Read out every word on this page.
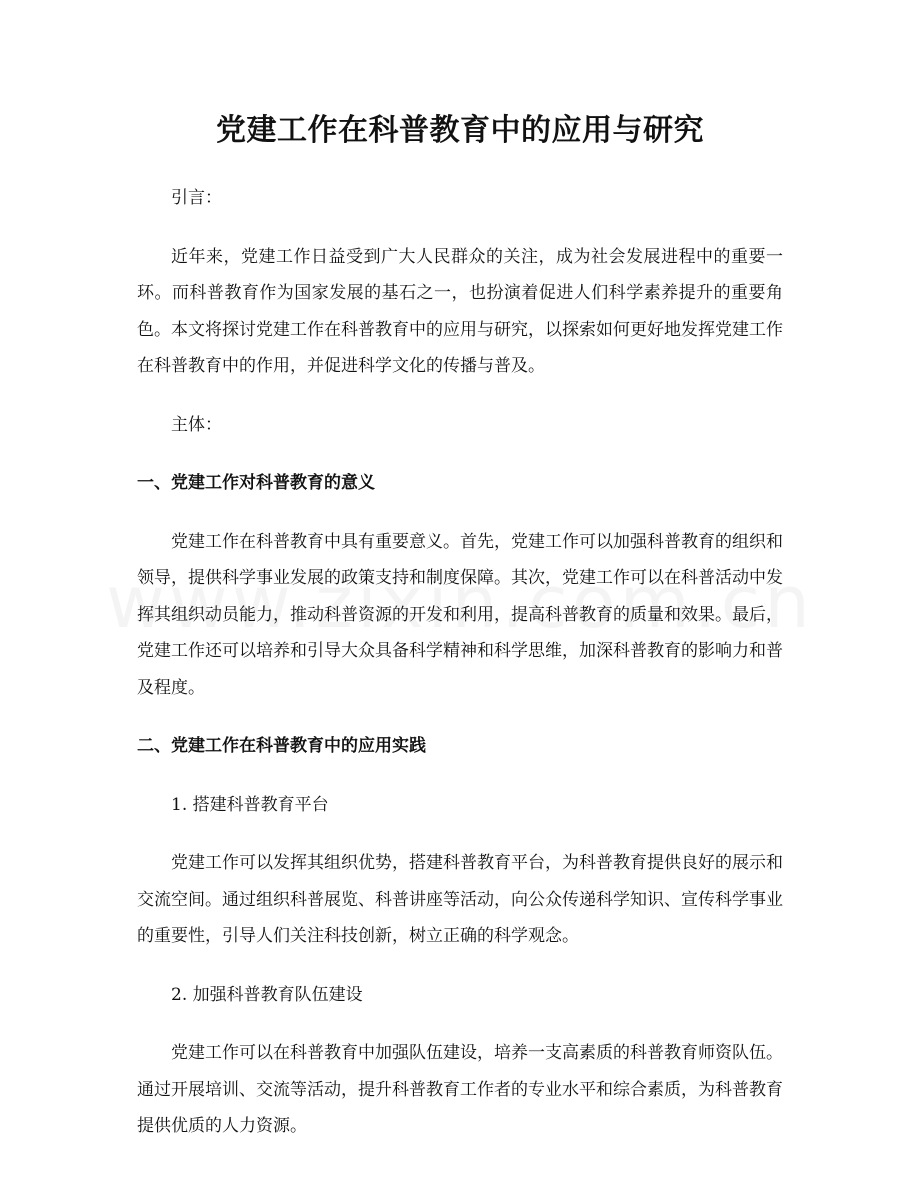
党建工作在科普教育中的应用与研究

引言：

近年来，党建工作日益受到广大人民群众的关注，成为社会发展进程中的重要一环。而科普教育作为国家发展的基石之一，也扮演着促进人们科学素养提升的重要角色。本文将探讨党建工作在科普教育中的应用与研究，以探索如何更好地发挥党建工作在科普教育中的作用，并促进科学文化的传播与普及。

主体：

一、党建工作对科普教育的意义

党建工作在科普教育中具有重要意义。首先，党建工作可以加强科普教育的组织和领导，提供科学事业发展的政策支持和制度保障。其次，党建工作可以在科普活动中发挥其组织动员能力，推动科普资源的开发和利用，提高科普教育的质量和效果。最后，党建工作还可以培养和引导大众具备科学精神和科学思维，加深科普教育的影响力和普及程度。

二、党建工作在科普教育中的应用实践

1. 搭建科普教育平台

党建工作可以发挥其组织优势，搭建科普教育平台，为科普教育提供良好的展示和交流空间。通过组织科普展览、科普讲座等活动，向公众传递科学知识、宣传科学事业的重要性，引导人们关注科技创新，树立正确的科学观念。

2. 加强科普教育队伍建设

党建工作可以在科普教育中加强队伍建设，培养一支高素质的科普教育师资队伍。通过开展培训、交流等活动，提升科普教育工作者的专业水平和综合素质，为科普教育提供优质的人力资源。
